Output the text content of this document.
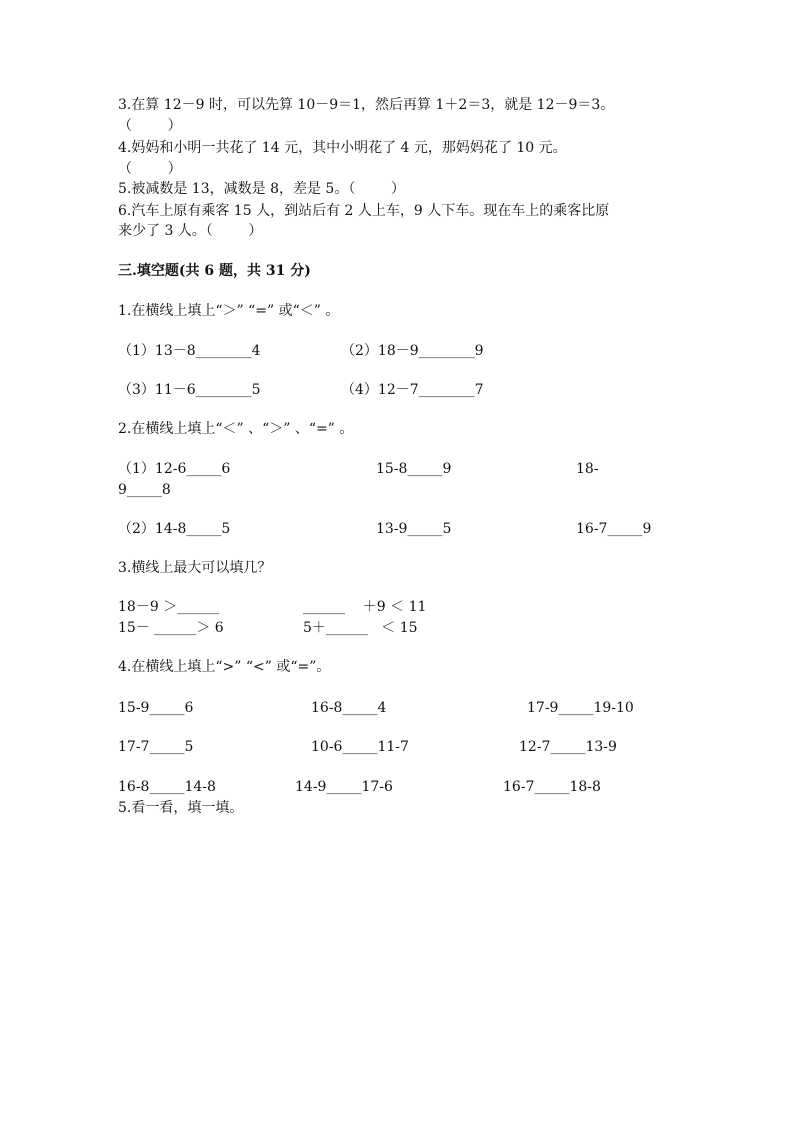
3.在算 12－9 时，可以先算 10－9＝1，然后再算 1＋2＝3，就是 12－9＝3。
（        ）
4.妈妈和小明一共花了 14 元，其中小明花了 4 元，那妈妈花了 10 元。
（        ）
5.被减数是 13，减数是 8，差是 5。（        ）
6.汽车上原有乘客 15 人，到站后有 2 人上车，9 人下车。现在车上的乘客比原
来少了 3 人。（        ）
三.填空题(共 6 题，共 31 分)
1.在横线上填上“＞” “=” 或“＜” 。
（1）13－8________4	（2）18－9________9
（3）11－6________5	（4）12－7________7
2.在横线上填上“＜” 、“＞” 、“=” 。
（1）12-6_____6	15-8_____9	18-
9_____8
（2）14-8_____5	13-9_____5	16-7_____9
3.横线上最大可以填几？
18－9 ＞______	______    ＋9 ＜ 11
15－ ______＞ 6	5＋______   ＜ 15
4.在横线上填上“>” “<” 或“=”。
15-9_____6	16-8_____4	17-9_____19-10
17-7_____5	10-6_____11-7	12-7_____13-9
16-8_____14-8	14-9_____17-6	16-7_____18-8
5.看一看，填一填。
